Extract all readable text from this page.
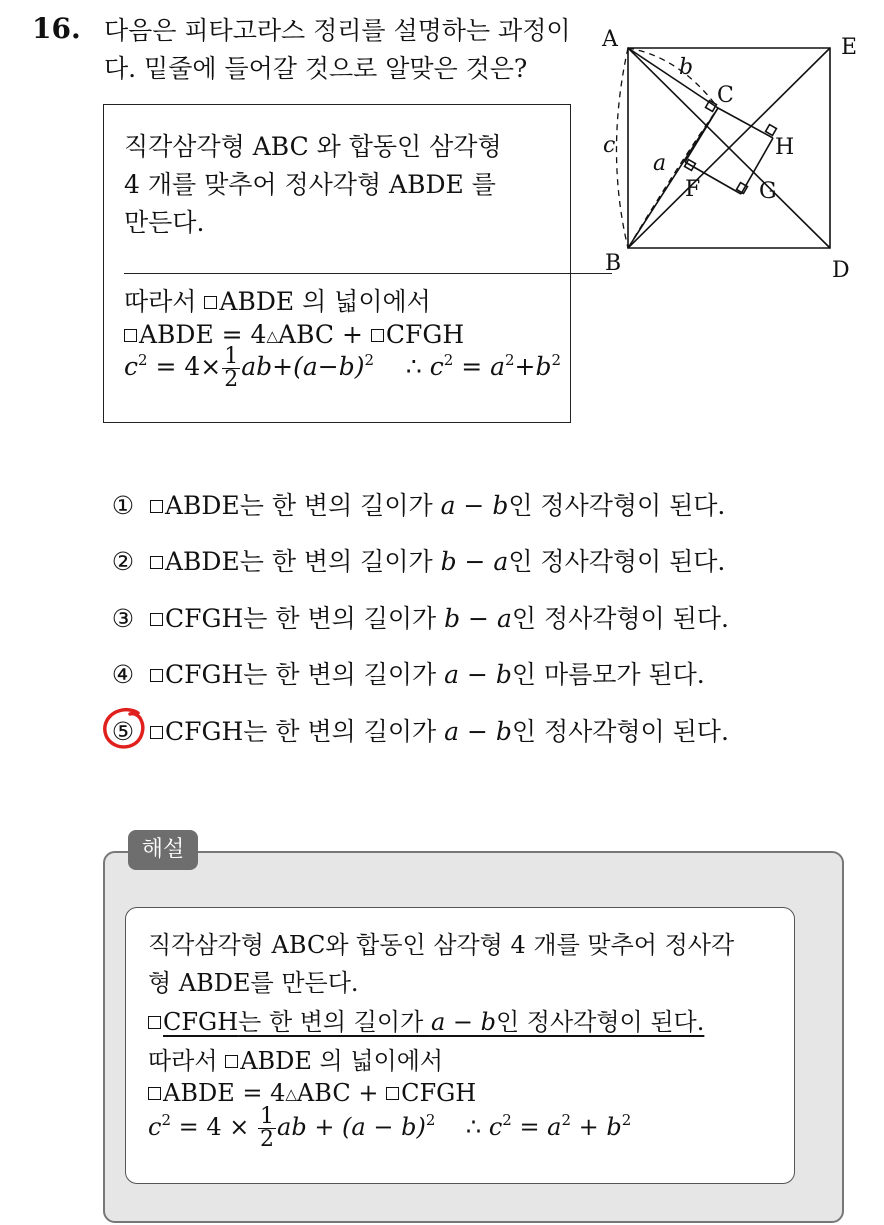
16. 다음은 피타고라스 정리를 설명하는 과정이
다. 밑줄에 들어갈 것으로 알맞은 것은?
직각삼각형 ABC 와 합동인 삼각형
4 개를 맞추어 정사각형 ABDE 를
만든다.
따라서 ABDE 의 넓이에서
ABDE = 4△ABC + CFGH
$c^2 = 4\times \frac{1}{2} ab+(a-b)^2$ ∴ $c^2 = a^2+b^2$
A	E
B	D
C
H
F	G
a
b
c
① ABDE는 한 변의 길이가 a − b인 정사각형이 된다.
② ABDE는 한 변의 길이가 b − a인 정사각형이 된다.
③ CFGH는 한 변의 길이가 b − a인 정사각형이 된다.
④ CFGH는 한 변의 길이가 a − b인 마름모가 된다.
⑤ CFGH는 한 변의 길이가 a − b인 정사각형이 된다.
해설
직각삼각형 ABC와 합동인 삼각형 4 개를 맞추어 정사각
형 ABDE를 만든다.
CFGH는 한 변의 길이가 a − b인 정사각형이 된다.
따라서 ABDE 의 넓이에서
ABDE = 4△ABC + CFGH
$c^2 = 4 \times \frac{1}{2}$ ab + $(a - b)^2$ ∴ $c^2 = a^2 + b^2$
